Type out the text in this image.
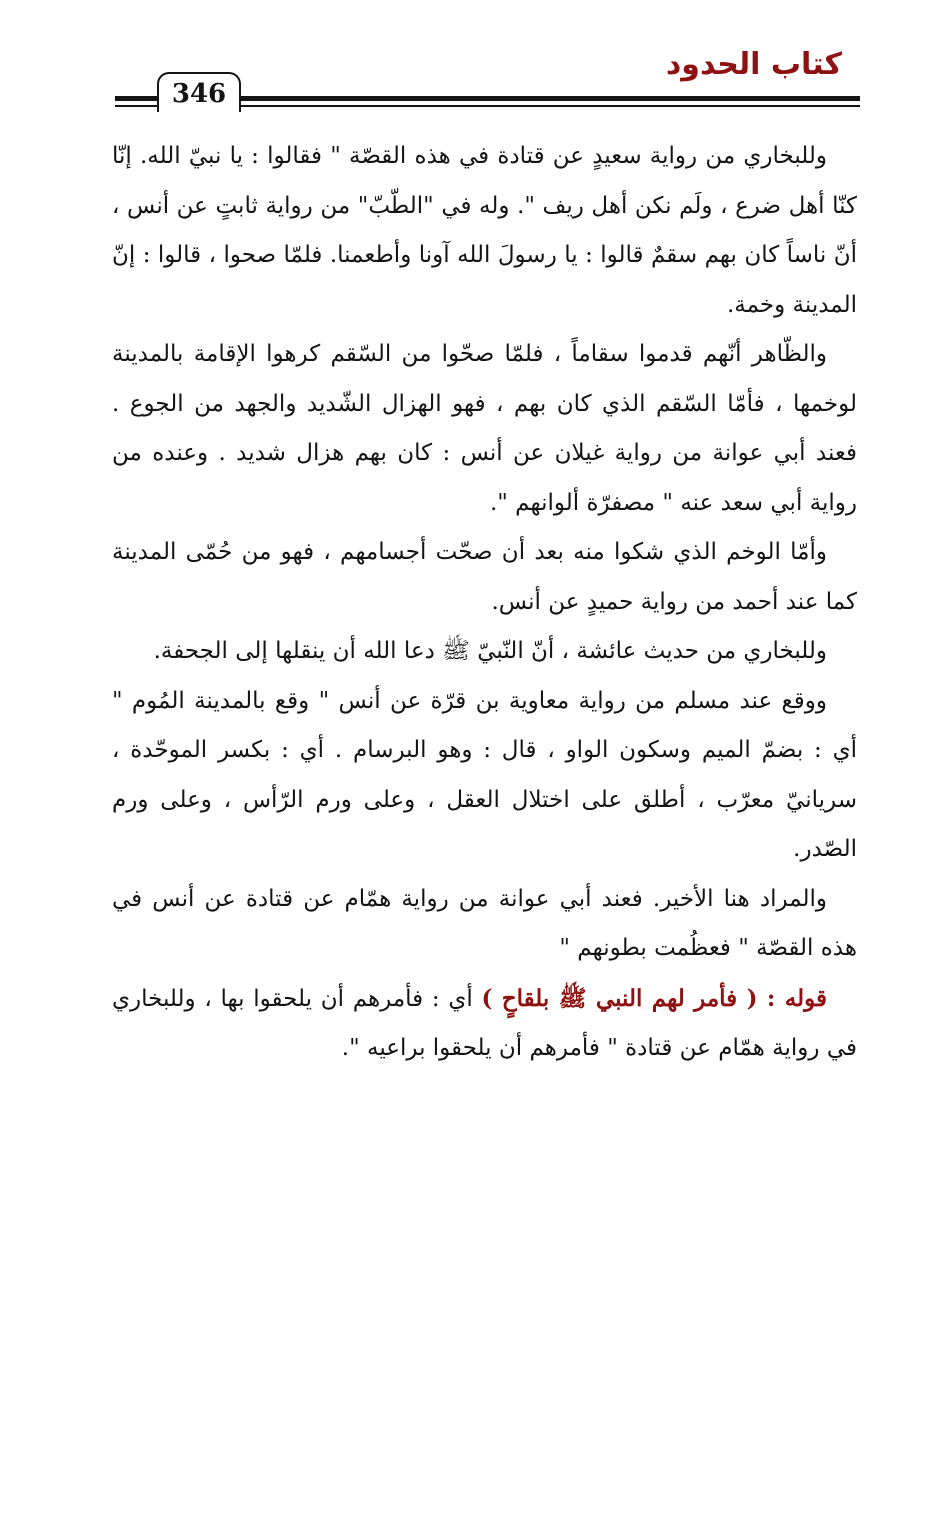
كتاب الحدود
346

وللبخاري من رواية سعيدٍ عن قتادة في هذه القصّة " فقالوا : يا نبيّ الله. إنّا كنّا أهل ضرع ، ولَم نكن أهل ريف ". وله في "الطّبّ" من رواية ثابتٍ عن أنس ، أنّ ناساً كان بهم سقمٌ قالوا : يا رسولَ الله آونا وأطعمنا. فلمّا صحوا ، قالوا : إنّ المدينة وخمة.

والظّاهر أنّهم قدموا سقاماً ، فلمّا صحّوا من السّقم كرهوا الإقامة بالمدينة لوخمها ، فأمّا السّقم الذي كان بهم ، فهو الهزال الشّديد والجهد من الجوع . فعند أبي عوانة من رواية غيلان عن أنس : كان بهم هزال شديد . وعنده من رواية أبي سعد عنه " مصفرّة ألوانهم ".

وأمّا الوخم الذي شكوا منه بعد أن صحّت أجسامهم ، فهو من حُمّى المدينة كما عند أحمد من رواية حميدٍ عن أنس.

وللبخاري من حديث عائشة ، أنّ النّبيّ ﷺ دعا الله أن ينقلها إلى الجحفة.

ووقع عند مسلم من رواية معاوية بن قرّة عن أنس " وقع بالمدينة المُوم " أي : بضمّ الميم وسكون الواو ، قال : وهو البرسام . أي : بكسر الموحّدة ، سريانيّ معرّب ، أطلق على اختلال العقل ، وعلى ورم الرّأس ، وعلى ورم الصّدر.

والمراد هنا الأخير. فعند أبي عوانة من رواية همّام عن قتادة عن أنس في هذه القصّة " فعظُمت بطونهم "

قوله : ( فأمر لهم النبي ﷺ بلقاحٍ ) أي : فأمرهم أن يلحقوا بها ، وللبخاري في رواية همّام عن قتادة " فأمرهم أن يلحقوا براعيه ".
